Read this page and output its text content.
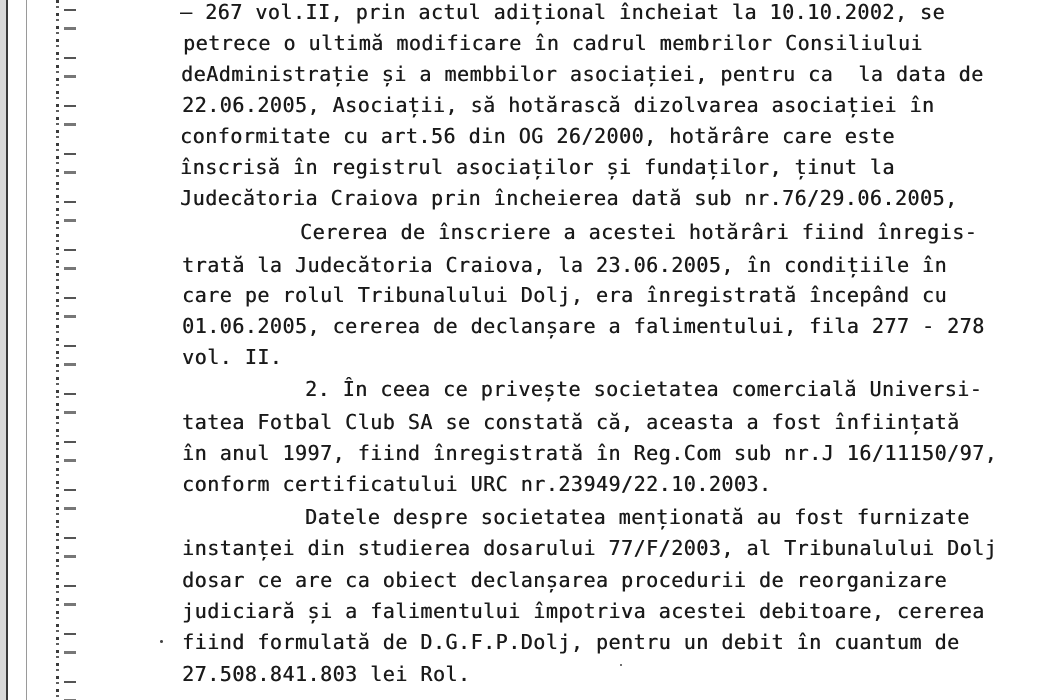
— 267 vol.II, prin actul adițional încheiat la 10.10.2002, se
petrece o ultimă modificare în cadrul membrilor Consiliului
deAdministrație și a membbilor asociației, pentru ca  la data de
22.06.2005, Asociații, să hotărască dizolvarea asociației în
conformitate cu art.56 din OG 26/2000, hotărâre care este
înscrisă în registrul asociaților și fundaților, ținut la
Judecătoria Craiova prin încheierea dată sub nr.76/29.06.2005,
Cererea de înscriere a acestei hotărâri fiind înregis-
trată la Judecătoria Craiova, la 23.06.2005, în condițiile în
care pe rolul Tribunalului Dolj, era înregistrată începând cu
01.06.2005, cererea de declanșare a falimentului, fila 277 - 278
vol. II.
2. În ceea ce privește societatea comercială Universi-
tatea Fotbal Club SA se constată că, aceasta a fost înființată
în anul 1997, fiind înregistrată în Reg.Com sub nr.J 16/11150/97,
conform certificatului URC nr.23949/22.10.2003.
Datele despre societatea menționată au fost furnizate
instanței din studierea dosarului 77/F/2003, al Tribunalului Dolj
dosar ce are ca obiect declanșarea procedurii de reorganizare
judiciară și a falimentului împotriva acestei debitoare, cererea
fiind formulată de D.G.F.P.Dolj, pentru un debit în cuantum de
27.508.841.803 lei Rol.
